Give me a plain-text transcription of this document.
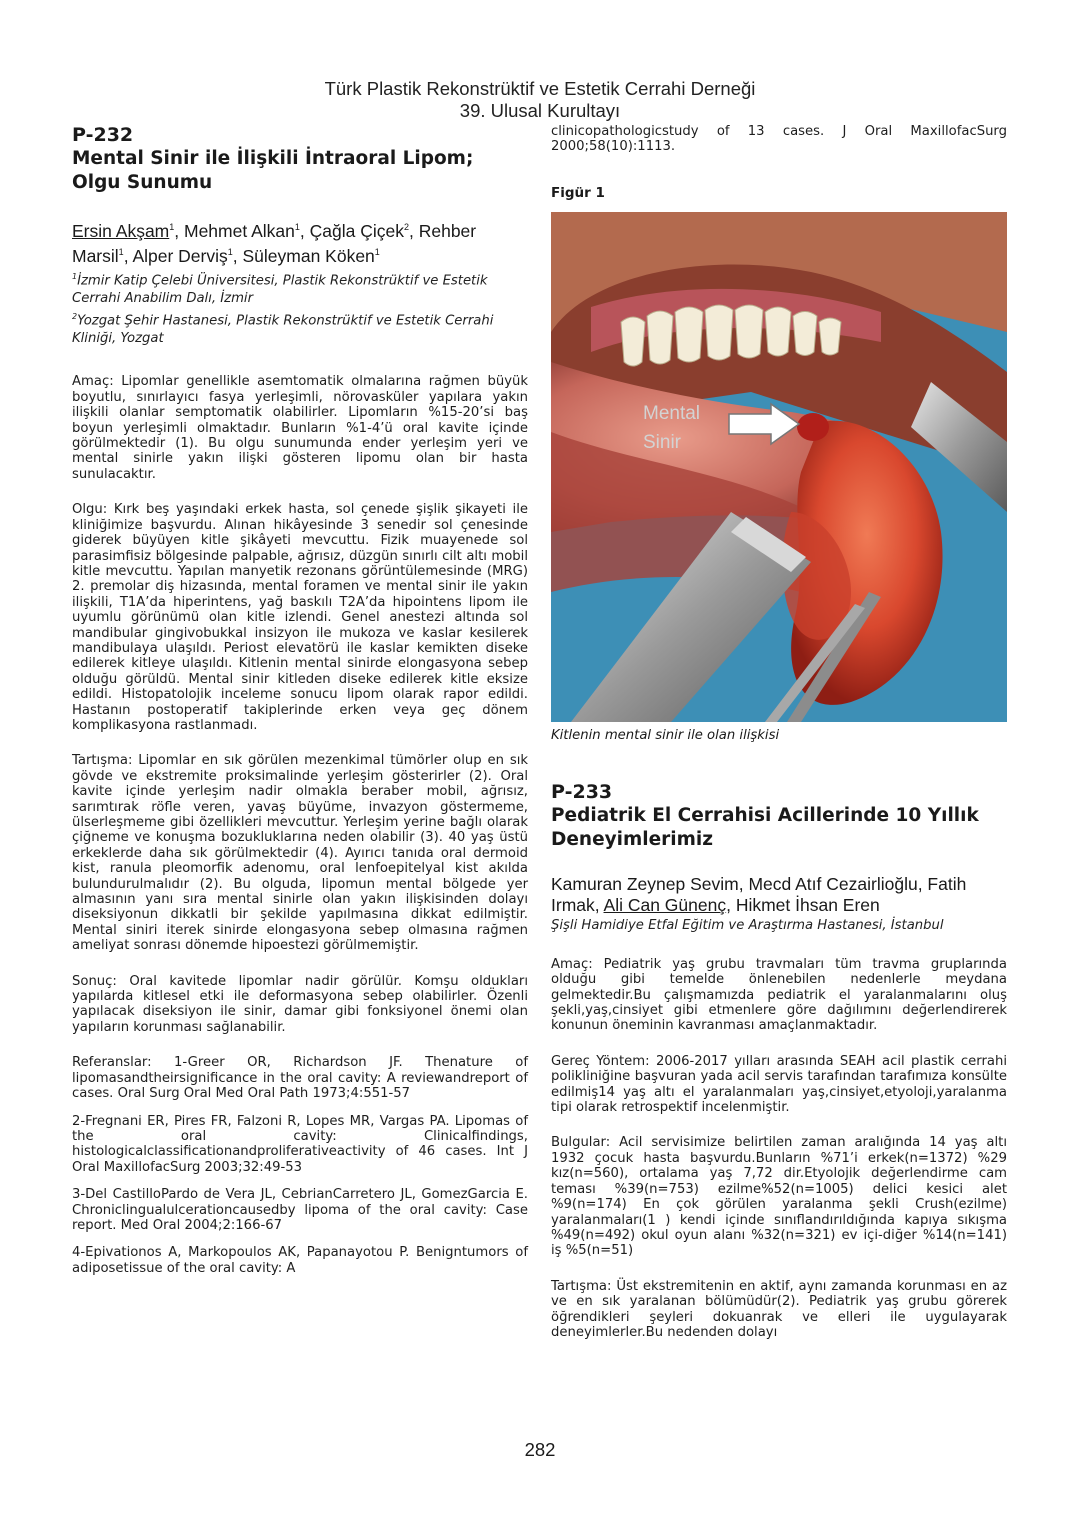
Türk Plastik Rekonstrüktif ve Estetik Cerrahi Derneği
39. Ulusal Kurultayı
P-232
Mental Sinir ile İlişkili İntraoral Lipom;
Olgu Sunumu
Ersin Akşam$^1$, Mehmet Alkan$^1$, Çağla Çiçek$^2$, Rehber Marsil$^1$, Alper Derviş$^1$, Süleyman Köken$^1$
$^1$İzmir Katip Çelebi Üniversitesi, Plastik Rekonstrüktif ve Estetik Cerrahi Anabilim Dalı, İzmir
$^2$Yozgat Şehir Hastanesi, Plastik Rekonstrüktif ve Estetik Cerrahi Kliniği, Yozgat

Amaç: Lipomlar genellikle asemtomatik olmalarına rağmen büyük boyutlu, sınırlayıcı fasya yerleşimli, nörovasküler yapılara yakın ilişkili olanlar semptomatik olabilirler. Lipomların %15-20’si baş boyun yerleşimli olmaktadır. Bunların %1-4’ü oral kavite içinde görülmektedir (1). Bu olgu sunumunda ender yerleşim yeri ve mental sinirle yakın ilişki gösteren lipomu olan bir hasta sunulacaktır.

Olgu: Kırk beş yaşındaki erkek hasta, sol çenede şişlik şikayeti ile kliniğimize başvurdu. Alınan hikâyesinde 3 senedir sol çenesinde giderek büyüyen kitle şikâyeti mevcuttu. Fizik muayenede sol parasimfisiz bölgesinde palpable, ağrısız, düzgün sınırlı cilt altı mobil kitle mevcuttu. Yapılan manyetik rezonans görüntülemesinde (MRG) 2. premolar diş hizasında, mental foramen ve mental sinir ile yakın ilişkili, T1A’da hiperintens, yağ baskılı T2A’da hipointens lipom ile uyumlu görünümü olan kitle izlendi. Genel anestezi altında sol mandibular gingivobukkal insizyon ile mukoza ve kaslar kesilerek mandibulaya ulaşıldı. Periost elevatörü ile kaslar kemikten diseke edilerek kitleye ulaşıldı. Kitlenin mental sinirde elongasyona sebep olduğu görüldü. Mental sinir kitleden diseke edilerek kitle eksize edildi. Histopatolojik inceleme sonucu lipom olarak rapor edildi. Hastanın postoperatif takiplerinde erken veya geç dönem komplikasyona rastlanmadı.

Tartışma: Lipomlar en sık görülen mezenkimal tümörler olup en sık gövde ve ekstremite proksimalinde yerleşim gösterirler (2). Oral kavite içinde yerleşim nadir olmakla beraber mobil, ağrısız, sarımtırak röfle veren, yavaş büyüme, invazyon göstermeme, ülserleşmeme gibi özellikleri mevcuttur. Yerleşim yerine bağlı olarak çiğneme ve konuşma bozukluklarına neden olabilir (3). 40 yaş üstü erkeklerde daha sık görülmektedir (4). Ayırıcı tanıda oral dermoid kist, ranula pleomorfik adenomu, oral lenfoepitelyal kist akılda bulundurulmalıdır (2). Bu olguda, lipomun mental bölgede yer almasının yanı sıra mental sinirle olan yakın ilişkisinden dolayı diseksiyonun dikkatli bir şekilde yapılmasına dikkat edilmiştir. Mental siniri iterek sinirde elongasyona sebep olmasına rağmen ameliyat sonrası dönemde hipoestezi görülmemiştir.

Sonuç: Oral kavitede lipomlar nadir görülür. Komşu oldukları yapılarda kitlesel etki ile deformasyona sebep olabilirler. Özenli yapılacak diseksiyon ile sinir, damar gibi fonksiyonel önemi olan yapıların korunması sağlanabilir.

Referanslar: 1-Greer OR, Richardson JF. Thenature of lipomasandtheirsignificance in the oral cavity: A reviewandreport of cases. Oral Surg Oral Med Oral Path 1973;4:551-57

2-Fregnani ER, Pires FR, Falzoni R, Lopes MR, Vargas PA. Lipomas of the oral cavity: Clinicalfindings, histologicalclassificationandproliferativeactivity of 46 cases. Int J Oral MaxillofacSurg 2003;32:49-53

3-Del CastilloPardo de Vera JL, CebrianCarretero JL, GomezGarcia E. Chroniclingualulcerationcausedby lipoma of the oral cavity: Case report. Med Oral 2004;2:166-67

4-Epivationos A, Markopoulos AK, Papanayotou P. Benigntumors of adiposetissue of the oral cavity: A

clinicopathologicstudy of 13 cases. J Oral MaxillofacSurg 2000;58(10):1113.

Figür 1
Mental
Sinir
Kitlenin mental sinir ile olan ilişkisi
P-233
Pediatrik El Cerrahisi Acillerinde 10 Yıllık
Deneyimlerimiz
Kamuran Zeynep Sevim, Mecd Atıf Cezairlioğlu, Fatih Irmak, Ali Can Günenç, Hikmet İhsan Eren
Şişli Hamidiye Etfal Eğitim ve Araştırma Hastanesi, İstanbul

Amaç: Pediatrik yaş grubu travmaları tüm travma gruplarında olduğu gibi temelde önlenebilen nedenlerle meydana gelmektedir.Bu çalışmamızda pediatrik el yaralanmalarını oluş şekli,yaş,cinsiyet gibi etmenlere göre dağılımını değerlendirerek konunun öneminin kavranması amaçlanmaktadır.

Gereç Yöntem: 2006-2017 yılları arasında SEAH acil plastik cerrahi polikliniğine başvuran yada acil servis tarafından tarafımıza konsülte edilmiş14 yaş altı el yaralanmaları yaş,cinsiyet,etyoloji,yaralanma tipi olarak retrospektif incelenmiştir.

Bulgular: Acil servisimize belirtilen zaman aralığında 14 yaş altı 1932 çocuk hasta başvurdu.Bunların %71’i erkek(n=1372) %29 kız(n=560), ortalama yaş 7,72 dir.Etyolojik değerlendirme cam teması %39(n=753) ezilme%52(n=1005) delici kesici alet %9(n=174) En çok görülen yaralanma şekli Crush(ezilme) yaralanmaları(1 ) kendi içinde sınıflandırıldığında kapıya sıkışma %49(n=492) okul oyun alanı %32(n=321) ev içi-diğer %14(n=141) iş %5(n=51)

Tartışma: Üst ekstremitenin en aktif, aynı zamanda korunması en az ve en sık yaralanan bölümüdür(2). Pediatrik yaş grubu görerek öğrendikleri şeyleri dokuanrak ve elleri ile uygulayarak deneyimlerler.Bu nedenden dolayı

282
